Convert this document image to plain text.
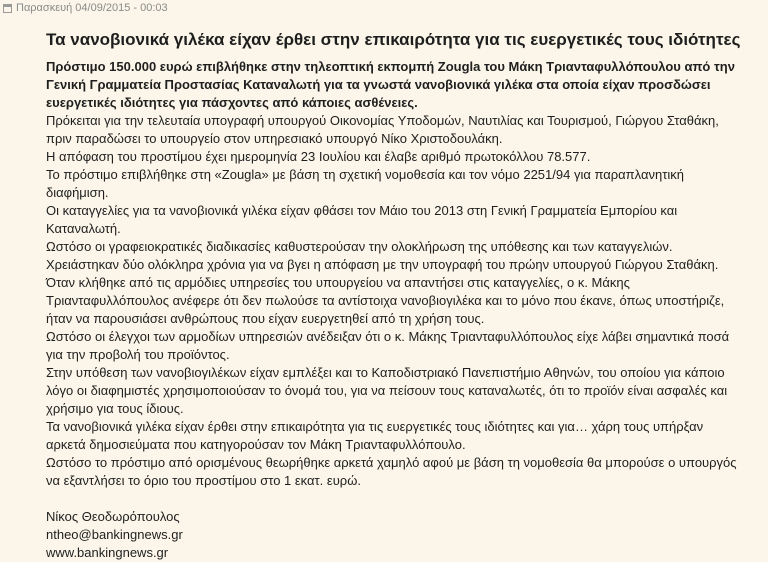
Παρασκευή 04/09/2015 - 00:03
Τα νανοβιονικά γιλέκα είχαν έρθει στην επικαιρότητα για τις ευεργετικές τους ιδιότητες

Πρόστιμο 150.000 ευρώ επιβλήθηκε στην τηλεοπτική εκπομπή Zougla του Μάκη Τριανταφυλλόπουλου από την Γενική Γραμματεία Προστασίας Καταναλωτή για τα γνωστά νανοβιονικά γιλέκα στα οποία είχαν προσδώσει ευεργετικές ιδιότητες για πάσχοντες από κάποιες ασθένειες.

Πρόκειται για την τελευταία υπογραφή υπουργού Οικονομίας Υποδομών, Ναυτιλίας και Τουρισμού, Γιώργου Σταθάκη, πριν παραδώσει το υπουργείο στον υπηρεσιακό υπουργό Νίκο Χριστοδουλάκη.

Η απόφαση του προστίμου έχει ημερομηνία 23 Ιουλίου και έλαβε αριθμό πρωτοκόλλου 78.577.

Το πρόστιμο επιβλήθηκε στη «Zougla» με βάση τη σχετική νομοθεσία και τον νόμο 2251/94 για παραπλανητική διαφήμιση.

Οι καταγγελίες για τα νανοβιονικά γιλέκα είχαν φθάσει τον Μάιο του 2013 στη Γενική Γραμματεία Εμπορίου και Καταναλωτή.

Ωστόσο οι γραφειοκρατικές διαδικασίες καθυστερούσαν την ολοκλήρωση της υπόθεσης και των καταγγελιών.

Χρειάστηκαν δύο ολόκληρα χρόνια για να βγει η απόφαση με την υπογραφή του πρώην υπουργού Γιώργου Σταθάκη.

Όταν κλήθηκε από τις αρμόδιες υπηρεσίες του υπουργείου να απαντήσει στις καταγγελίες, ο κ. Μάκης Τριανταφυλλόπουλος ανέφερε ότι δεν πωλούσε τα αντίστοιχα νανοβιογιλέκα και το μόνο που έκανε, όπως υποστήριζε, ήταν να παρουσιάσει ανθρώπους που είχαν ευεργετηθεί από τη χρήση τους.

Ωστόσο οι έλεγχοι των αρμοδίων υπηρεσιών ανέδειξαν ότι ο κ. Μάκης Τριανταφυλλόπουλος είχε λάβει σημαντικά ποσά για την προβολή του προϊόντος.

Στην υπόθεση των νανοβιογιλέκων είχαν εμπλέξει και το Καποδιστριακό Πανεπιστήμιο Αθηνών, του οποίου για κάποιο λόγο οι διαφημιστές χρησιμοποιούσαν το όνομά του, για να πείσουν τους καταναλωτές, ότι το προϊόν είναι ασφαλές και χρήσιμο για τους ίδιους.

Τα νανοβιονικά γιλέκα είχαν έρθει στην επικαιρότητα για τις ευεργετικές τους ιδιότητες και για… χάρη τους υπήρξαν αρκετά δημοσιεύματα που κατηγορούσαν τον Μάκη Τριανταφυλλόπουλο.

Ωστόσο το πρόστιμο από ορισμένους θεωρήθηκε αρκετά χαμηλό αφού με βάση τη νομοθεσία θα μπορούσε ο υπουργός να εξαντλήσει το όριο του προστίμου στο 1 εκατ. ευρώ.

Νίκος Θεοδωρόπουλος

ntheo@bankingnews.gr

www.bankingnews.gr
